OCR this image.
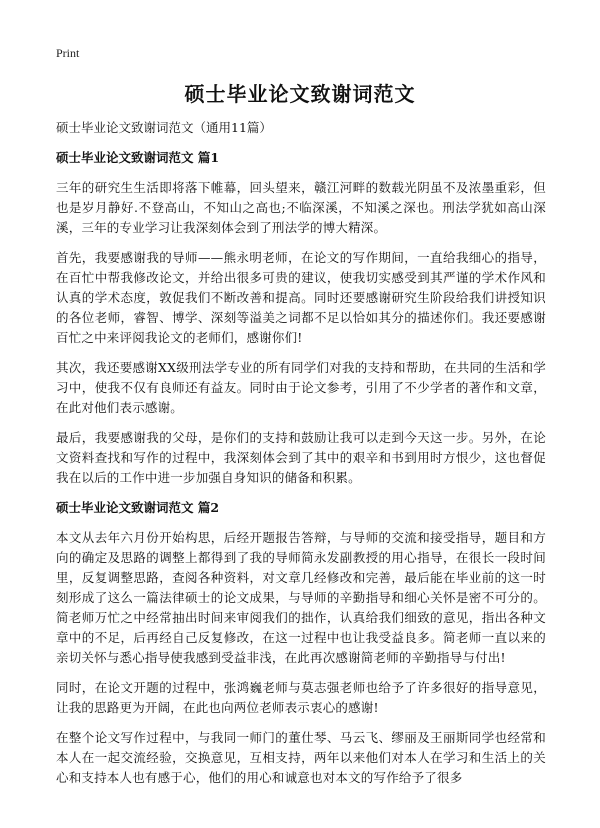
Print
硕士毕业论文致谢词范文

硕士毕业论文致谢词范文（通用11篇）

硕士毕业论文致谢词范文 篇1

三年的研究生生活即将落下帷幕，回头望来，赣江河畔的数载光阴虽不及浓墨重彩，但也是岁月静好.不登高山，不知山之高也;不临深溪，不知溪之深也。刑法学犹如高山深溪，三年的专业学习让我深刻体会到了刑法学的博大精深。

首先，我要感谢我的导师——熊永明老师，在论文的写作期间，一直给我细心的指导，在百忙中帮我修改论文，并给出很多可贵的建议，使我切实感受到其严谨的学术作风和认真的学术态度，敦促我们不断改善和提高。同时还要感谢研究生阶段给我们讲授知识的各位老师，睿智、博学、深刻等溢美之词都不足以恰如其分的描述你们。我还要感谢百忙之中来评阅我论文的老师们，感谢你们!

其次，我还要感谢XX级刑法学专业的所有同学们对我的支持和帮助，在共同的生活和学习中，使我不仅有良师还有益友。同时由于论文参考，引用了不少学者的著作和文章，在此对他们表示感谢。

最后，我要感谢我的父母，是你们的支持和鼓励让我可以走到今天这一步。另外，在论文资料查找和写作的过程中，我深刻体会到了其中的艰辛和书到用时方恨少，这也督促我在以后的工作中进一步加强自身知识的储备和积累。

硕士毕业论文致谢词范文 篇2

本文从去年六月份开始构思，后经开题报告答辩，与导师的交流和接受指导，题目和方向的确定及思路的调整上都得到了我的导师简永发副教授的用心指导，在很长一段时间里，反复调整思路，查阅各种资料，对文章几经修改和完善，最后能在毕业前的这一时刻形成了这么一篇法律硕士的论文成果，与导师的辛勤指导和细心关怀是密不可分的。简老师万忙之中经常抽出时间来审阅我们的拙作，认真给我们细致的意见，指出各种文章中的不足，后再经自己反复修改，在这一过程中也让我受益良多。简老师一直以来的亲切关怀与悉心指导使我感到受益非浅，在此再次感谢简老师的辛勤指导与付出!

同时，在论文开题的过程中，张鸿巍老师与莫志强老师也给予了许多很好的指导意见，让我的思路更为开阔，在此也向两位老师表示衷心的感谢!

在整个论文写作过程中，与我同一师门的董仕琴、马云飞、缪丽及王丽斯同学也经常和本人在一起交流经验，交换意见，互相支持，两年以来他们对本人在学习和生活上的关心和支持本人也有感于心，他们的用心和诚意也对本文的写作给予了很多
